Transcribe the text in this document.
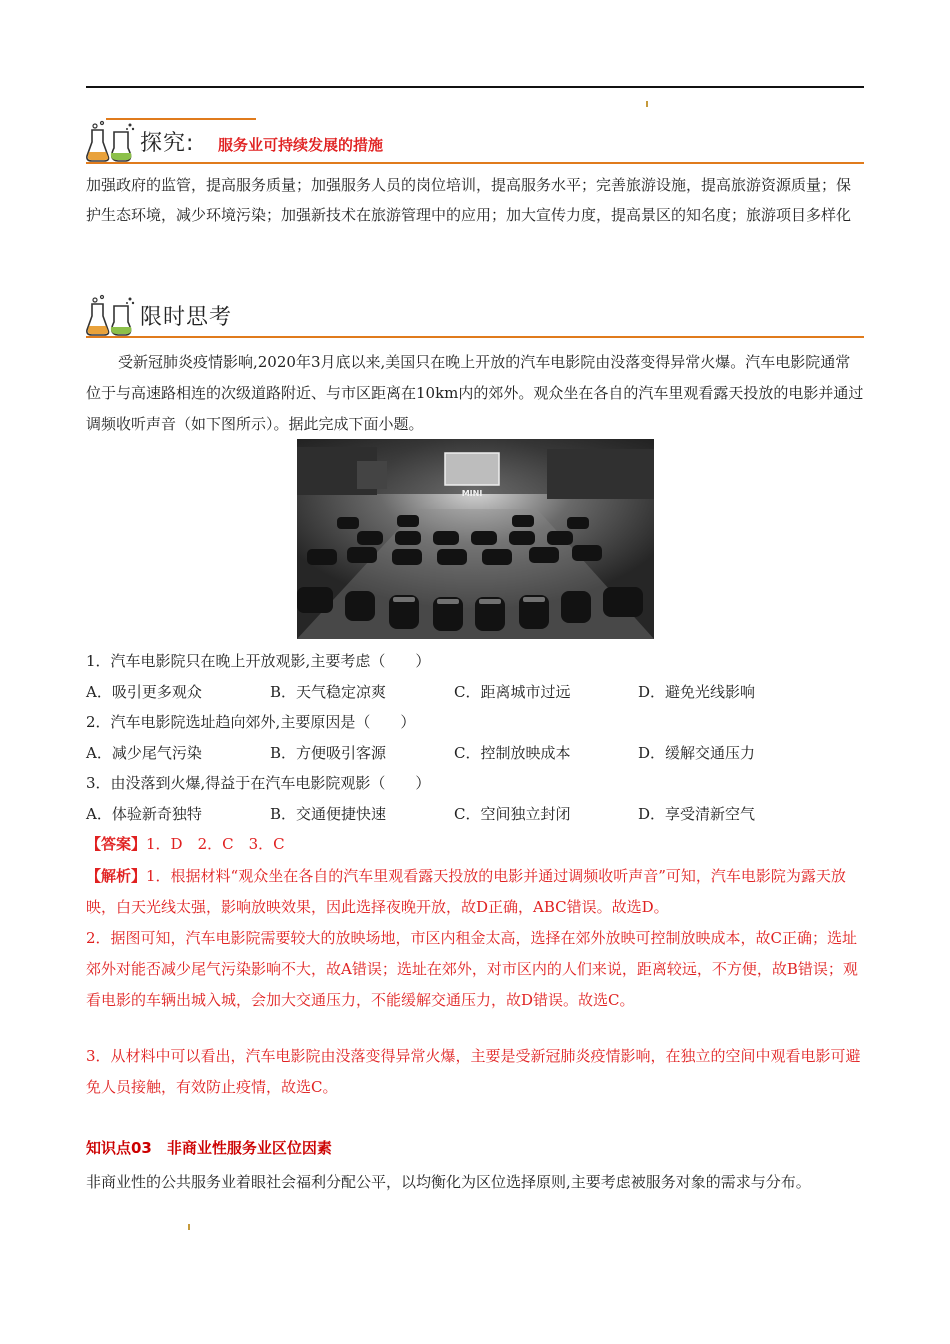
探究: 服务业可持续发展的措施
加强政府的监管，提高服务质量；加强服务人员的岗位培训，提高服务水平；完善旅游设施，提高旅游资源质量；保护生态环境，减少环境污染；加强新技术在旅游管理中的应用；加大宣传力度，提高景区的知名度；旅游项目多样化
限时思考
受新冠肺炎疫情影响,2020年3月底以来,美国只在晚上开放的汽车电影院由没落变得异常火爆。汽车电影院通常位于与高速路相连的次级道路附近、与市区距离在10km内的郊外。观众坐在各自的汽车里观看露天投放的电影并通过调频收听声音（如下图所示）。据此完成下面小题。
MINI
1．汽车电影院只在晚上开放观影,主要考虑（　　）
A．吸引更多观众	B．天气稳定凉爽	C．距离城市过远	D．避免光线影响
2．汽车电影院选址趋向郊外,主要原因是（　　）
A．减少尾气污染	B．方便吸引客源	C．控制放映成本	D．缓解交通压力
3．由没落到火爆,得益于在汽车电影院观影（　　）
A．体验新奇独特	B．交通便捷快速	C．空间独立封闭	D．享受清新空气
【答案】1．D　2．C　3．C
【解析】1．根据材料“观众坐在各自的汽车里观看露天投放的电影并通过调频收听声音”可知，汽车电影院为露天放映，白天光线太强，影响放映效果，因此选择夜晚开放，故D正确，ABC错误。故选D。
2．据图可知，汽车电影院需要较大的放映场地，市区内租金太高，选择在郊外放映可控制放映成本，故C正确；选址郊外对能否减少尾气污染影响不大，故A错误；选址在郊外，对市区内的人们来说，距离较远，不方便，故B错误；观看电影的车辆出城入城，会加大交通压力，不能缓解交通压力，故D错误。故选C。
3．从材料中可以看出，汽车电影院由没落变得异常火爆，主要是受新冠肺炎疫情影响，在独立的空间中观看电影可避免人员接触，有效防止疫情，故选C。
知识点03　非商业性服务业区位因素
非商业性的公共服务业着眼社会福利分配公平，以均衡化为区位选择原则,主要考虑被服务对象的需求与分布。
